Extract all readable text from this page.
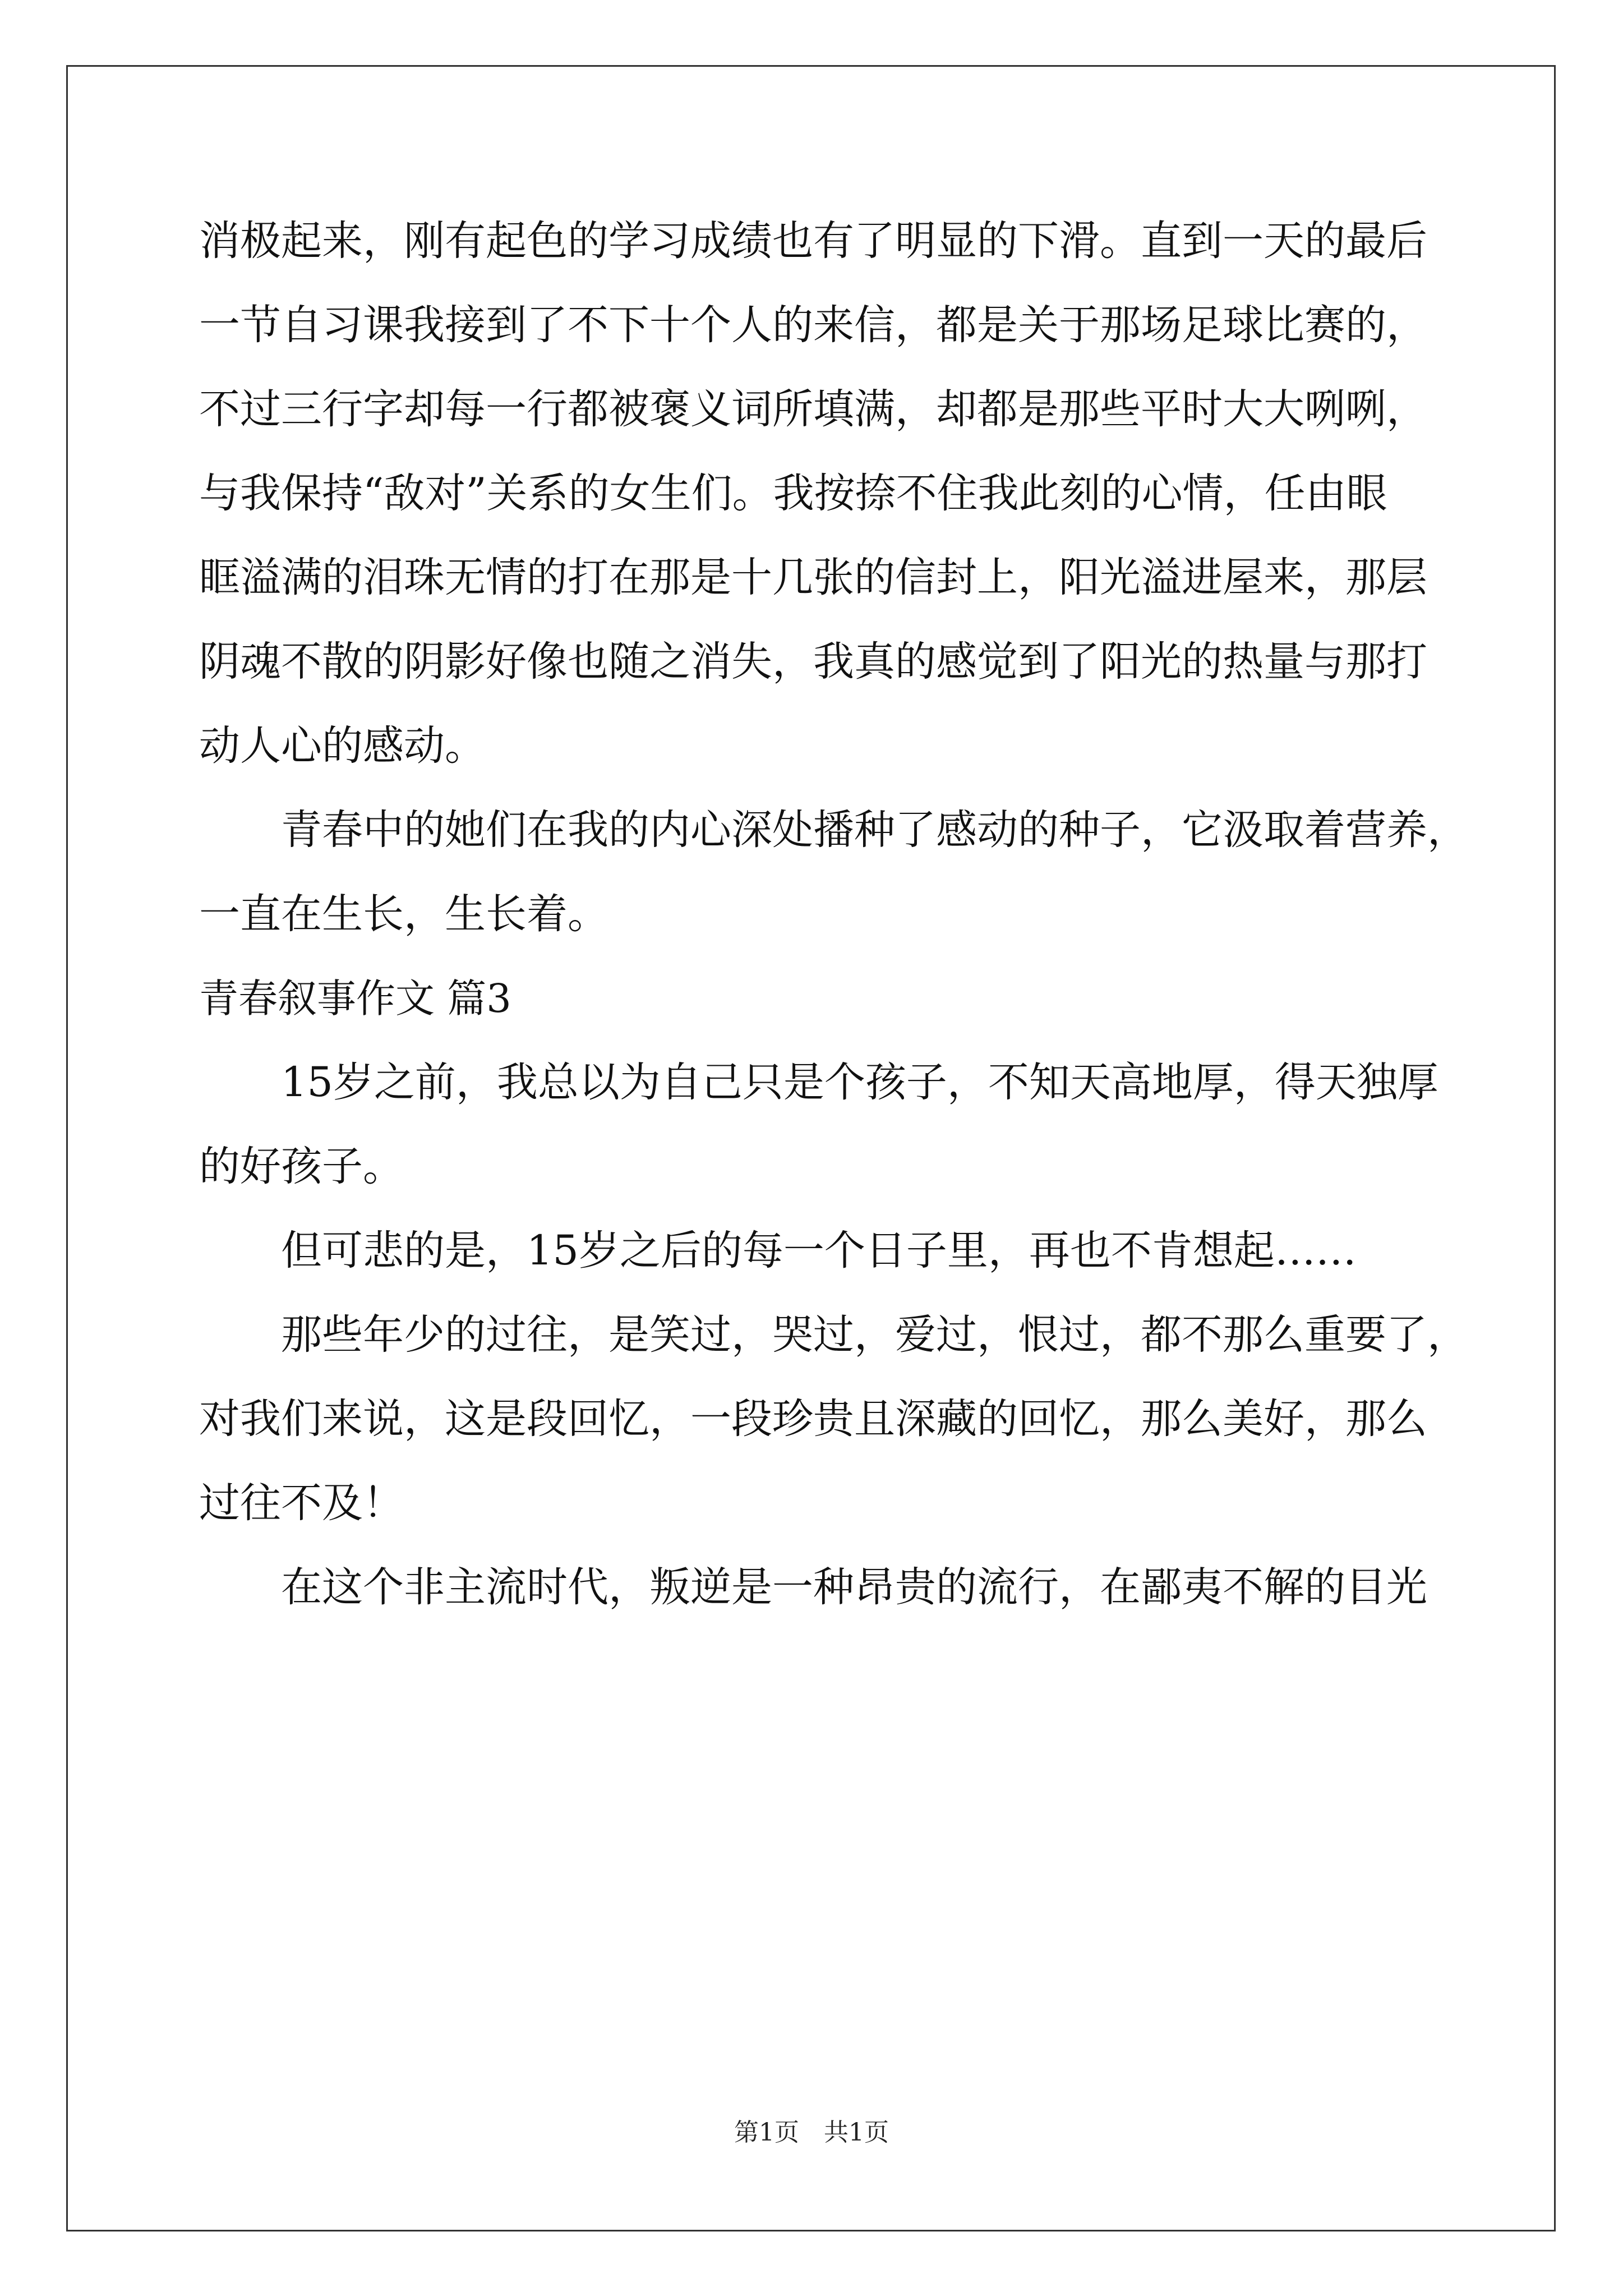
消极起来，刚有起色的学习成绩也有了明显的下滑。直到一天的最后
一节自习课我接到了不下十个人的来信，都是关于那场足球比赛的，
不过三行字却每一行都被褒义词所填满，却都是那些平时大大咧咧，
与我保持“敌对”关系的女生们。我按捺不住我此刻的心情，任由眼
眶溢满的泪珠无情的打在那是十几张的信封上，阳光溢进屋来，那层
阴魂不散的阴影好像也随之消失，我真的感觉到了阳光的热量与那打
动人心的感动。
青春中的她们在我的内心深处播种了感动的种子，它汲取着营养，
一直在生长，生长着。
青春叙事作文 篇3
15岁之前，我总以为自己只是个孩子，不知天高地厚，得天独厚
的好孩子。
但可悲的是，15岁之后的每一个日子里，再也不肯想起……
那些年少的过往，是笑过，哭过，爱过，恨过，都不那么重要了，
对我们来说，这是段回忆，一段珍贵且深藏的回忆，那么美好，那么
过往不及！
在这个非主流时代，叛逆是一种昂贵的流行，在鄙夷不解的目光
第1页　共1页
